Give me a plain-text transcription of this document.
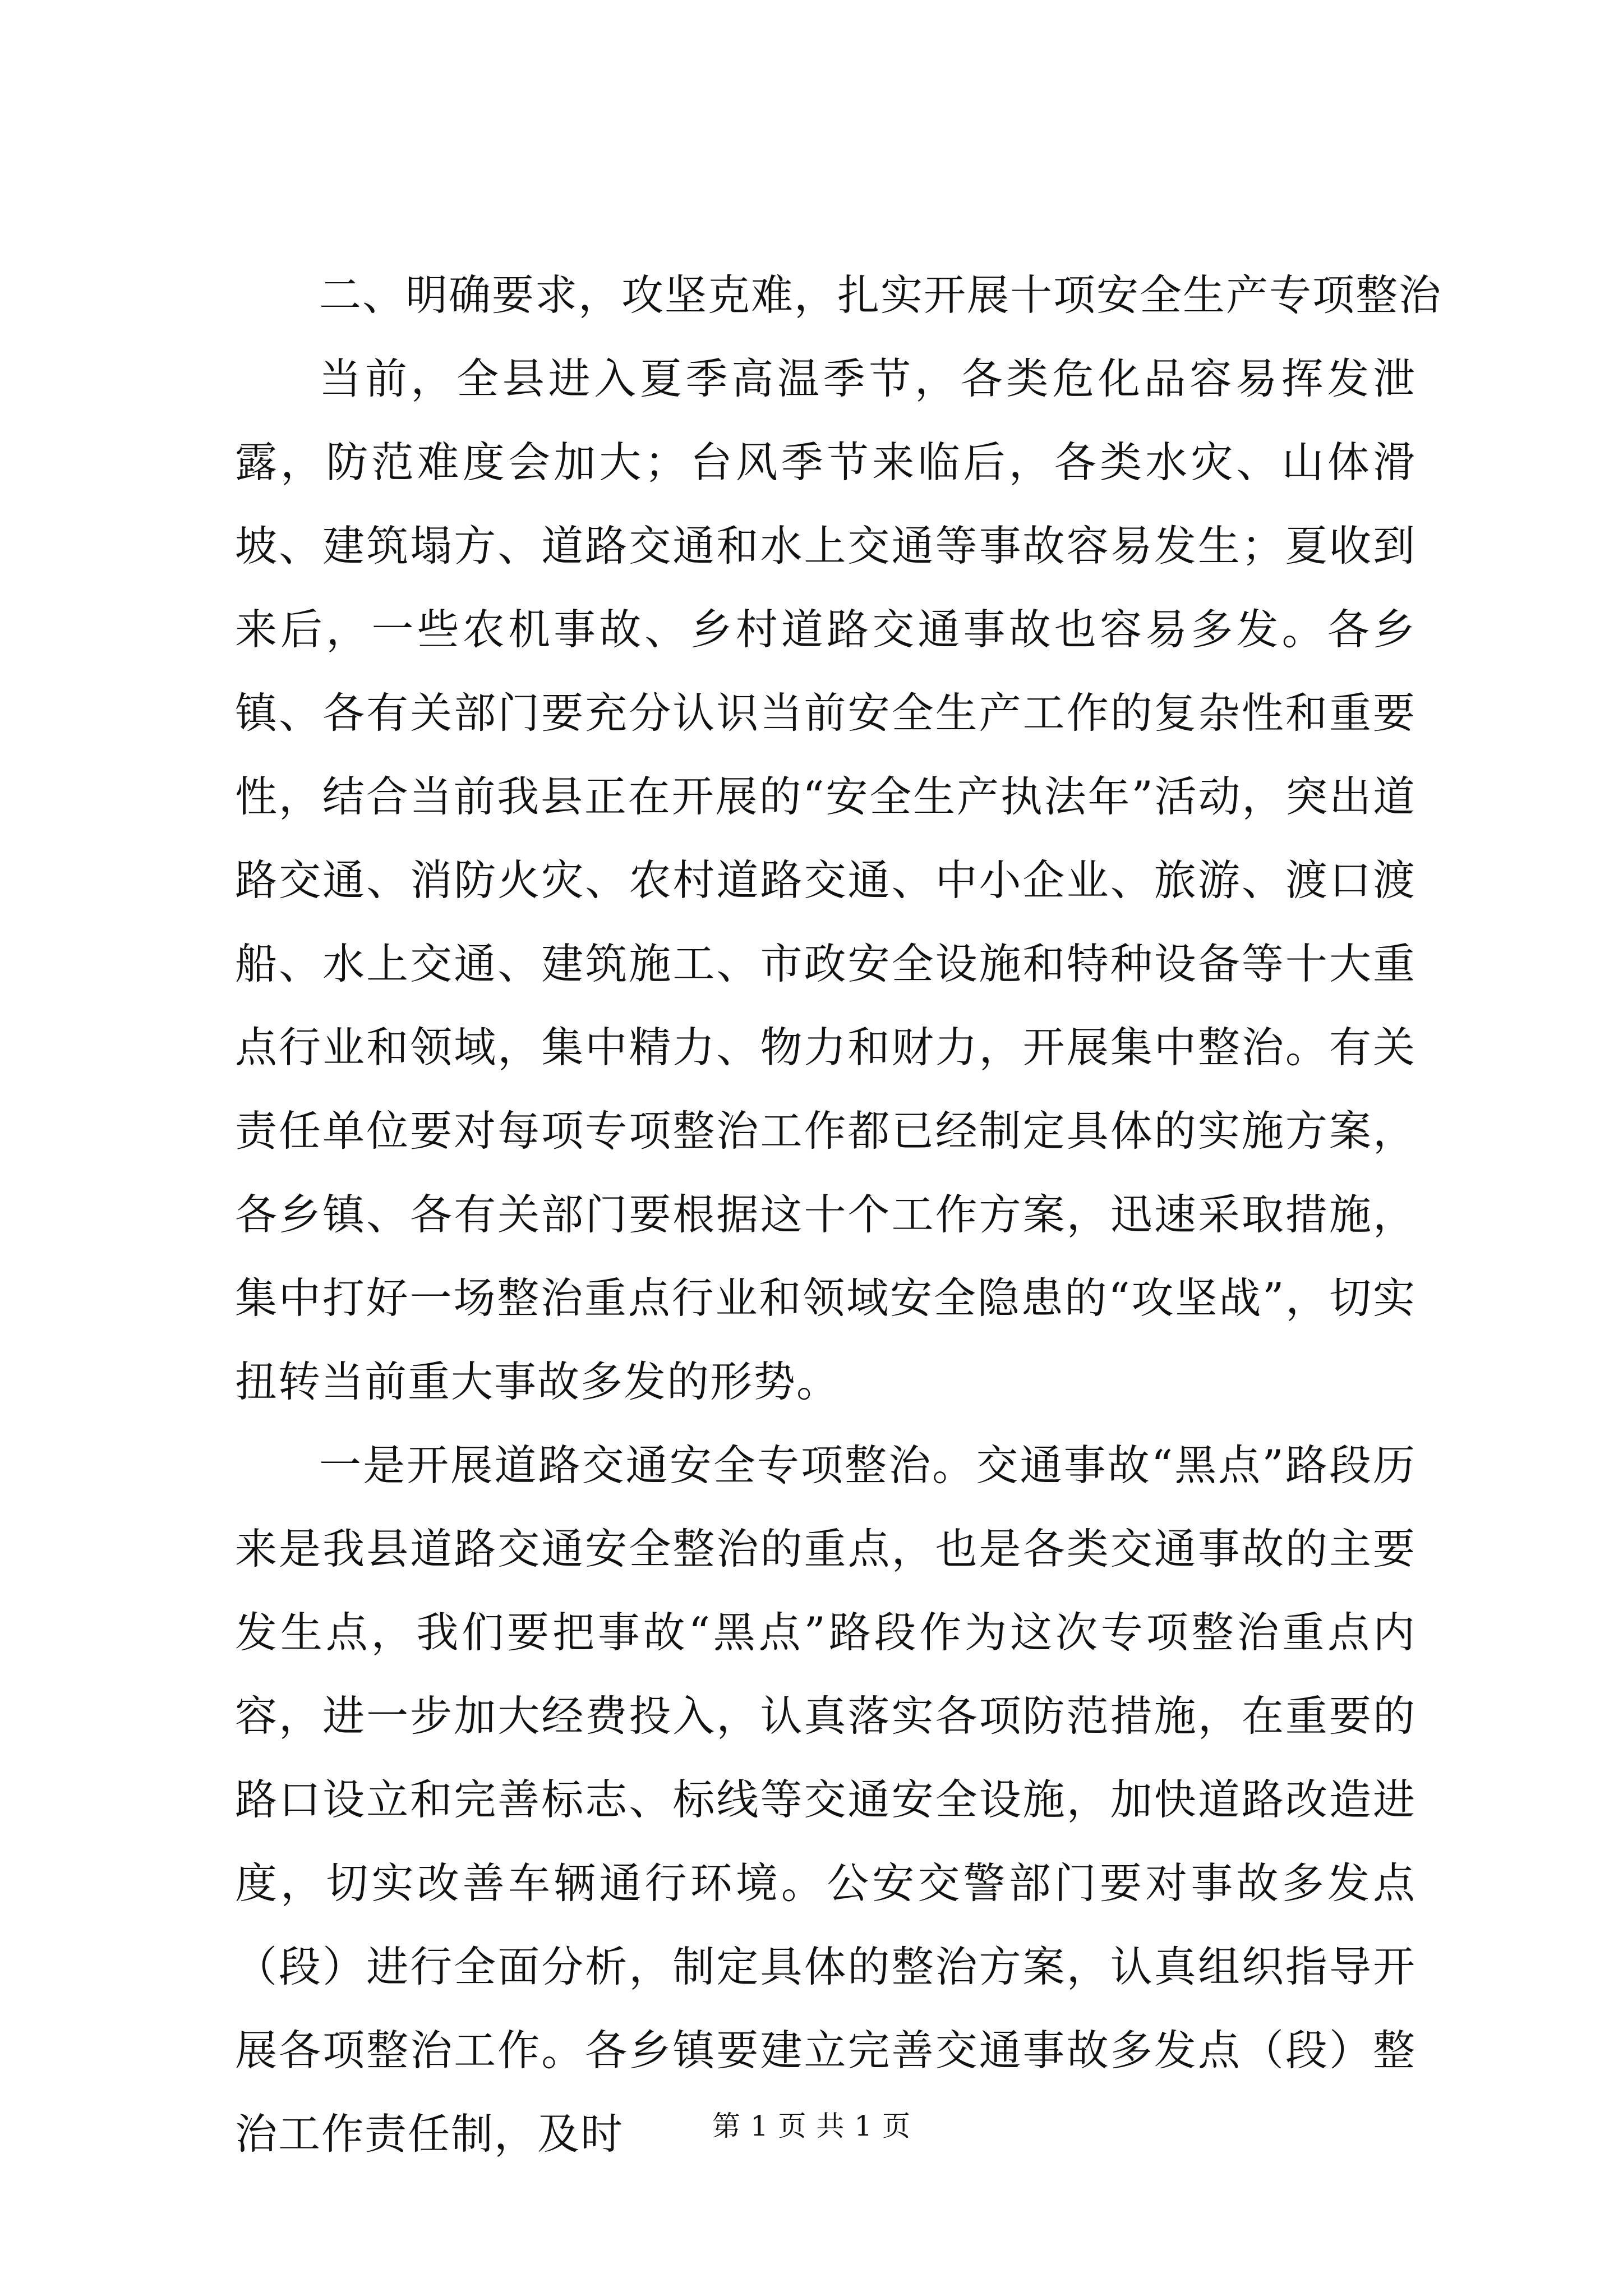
二、明确要求，攻坚克难，扎实开展十项安全生产专项整治

当前，全县进入夏季高温季节，各类危化品容易挥发泄露，防范难度会加大；台风季节来临后，各类水灾、山体滑坡、建筑塌方、道路交通和水上交通等事故容易发生；夏收到来后，一些农机事故、乡村道路交通事故也容易多发。各乡镇、各有关部门要充分认识当前安全生产工作的复杂性和重要性，结合当前我县正在开展的“安全生产执法年”活动，突出道路交通、消防火灾、农村道路交通、中小企业、旅游、渡口渡船、水上交通、建筑施工、市政安全设施和特种设备等十大重点行业和领域，集中精力、物力和财力，开展集中整治。有关责任单位要对每项专项整治工作都已经制定具体的实施方案，各乡镇、各有关部门要根据这十个工作方案，迅速采取措施，集中打好一场整治重点行业和领域安全隐患的“攻坚战”，切实扭转当前重大事故多发的形势。

一是开展道路交通安全专项整治。交通事故“黑点”路段历来是我县道路交通安全整治的重点，也是各类交通事故的主要发生点，我们要把事故“黑点”路段作为这次专项整治重点内容，进一步加大经费投入，认真落实各项防范措施，在重要的路口设立和完善标志、标线等交通安全设施，加快道路改造进度，切实改善车辆通行环境。公安交警部门要对事故多发点（段）进行全面分析，制定具体的整治方案，认真组织指导开展各项整治工作。各乡镇要建立完善交通事故多发点（段）整治工作责任制，及时	第 1 页 共 1 页
